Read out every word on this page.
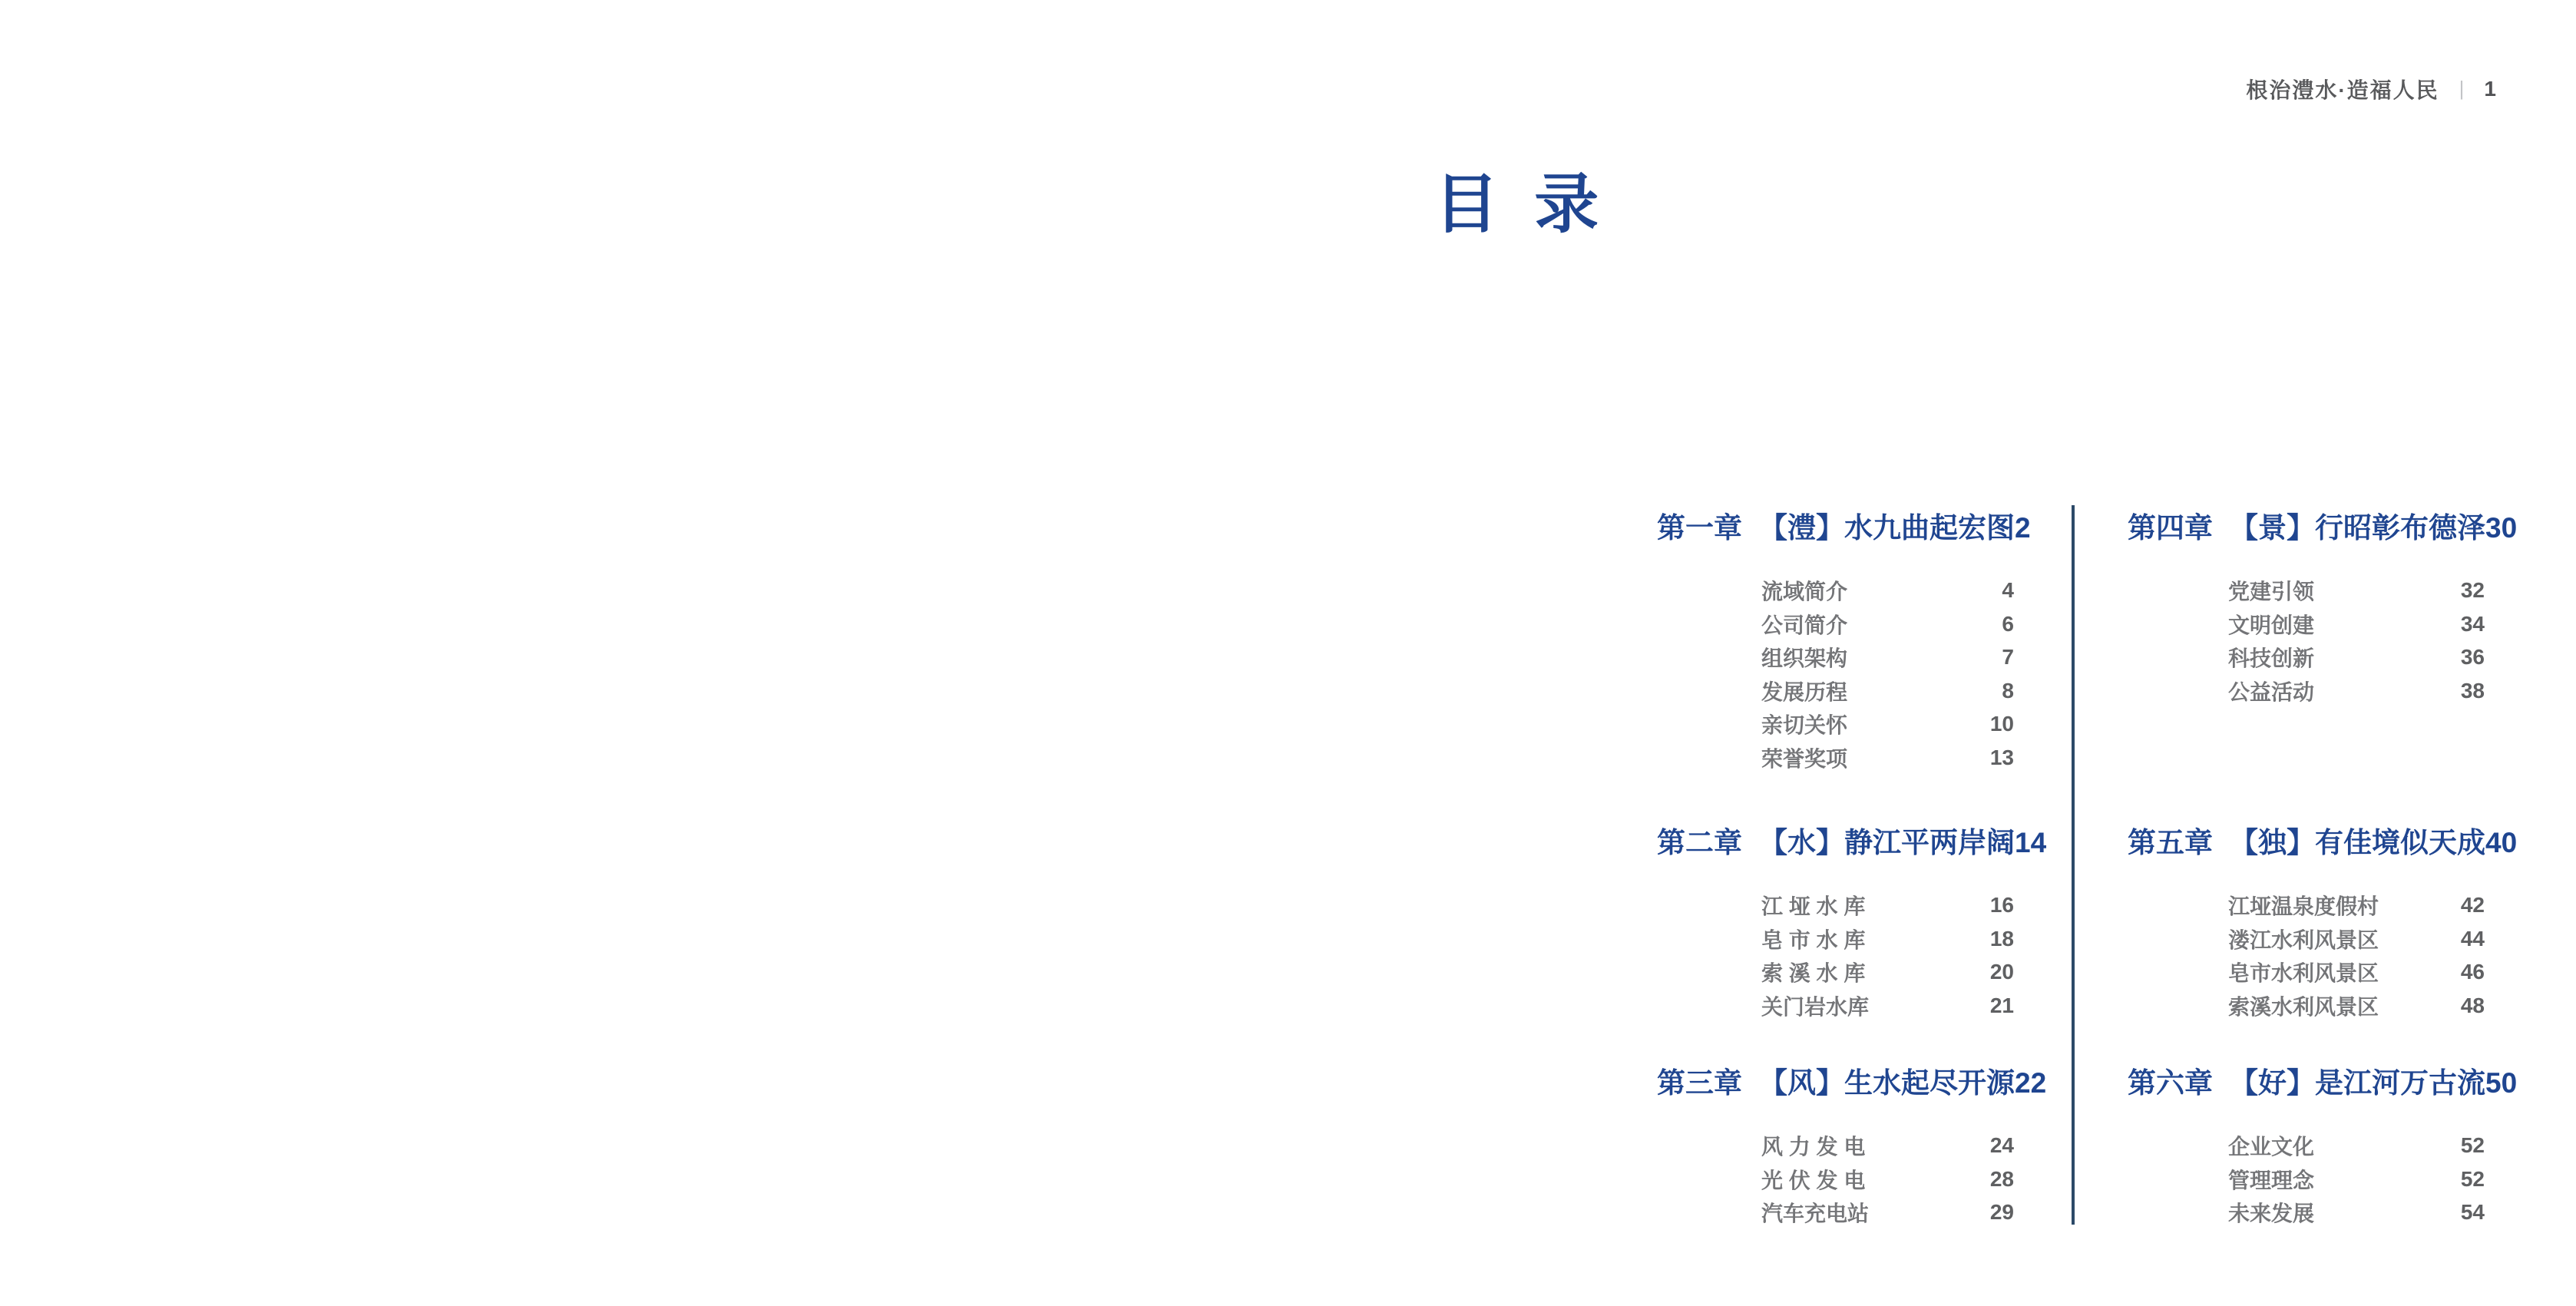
根治澧水·造福人民 | 1
目录
第一章 【澧】水九曲起宏图 2
流域简介	4
公司简介	6
组织架构	7
发展历程	8
亲切关怀	10
荣誉奖项	13
第二章 【水】静江平两岸阔 14
江 垭 水 库	16
皂 市 水 库	18
索 溪 水 库	20
关门岩水库	21
第三章 【风】生水起尽开源 22
风 力 发 电	24
光 伏 发 电	28
汽车充电站	29
第四章 【景】行昭彰布德泽 30
党建引领	32
文明创建	34
科技创新	36
公益活动	38
第五章 【独】有佳境似天成 40
江垭温泉度假村	42
溇江水利风景区	44
皂市水利风景区	46
索溪水利风景区	48
第六章 【好】是江河万古流 50
企业文化	52
管理理念	52
未来发展	54
